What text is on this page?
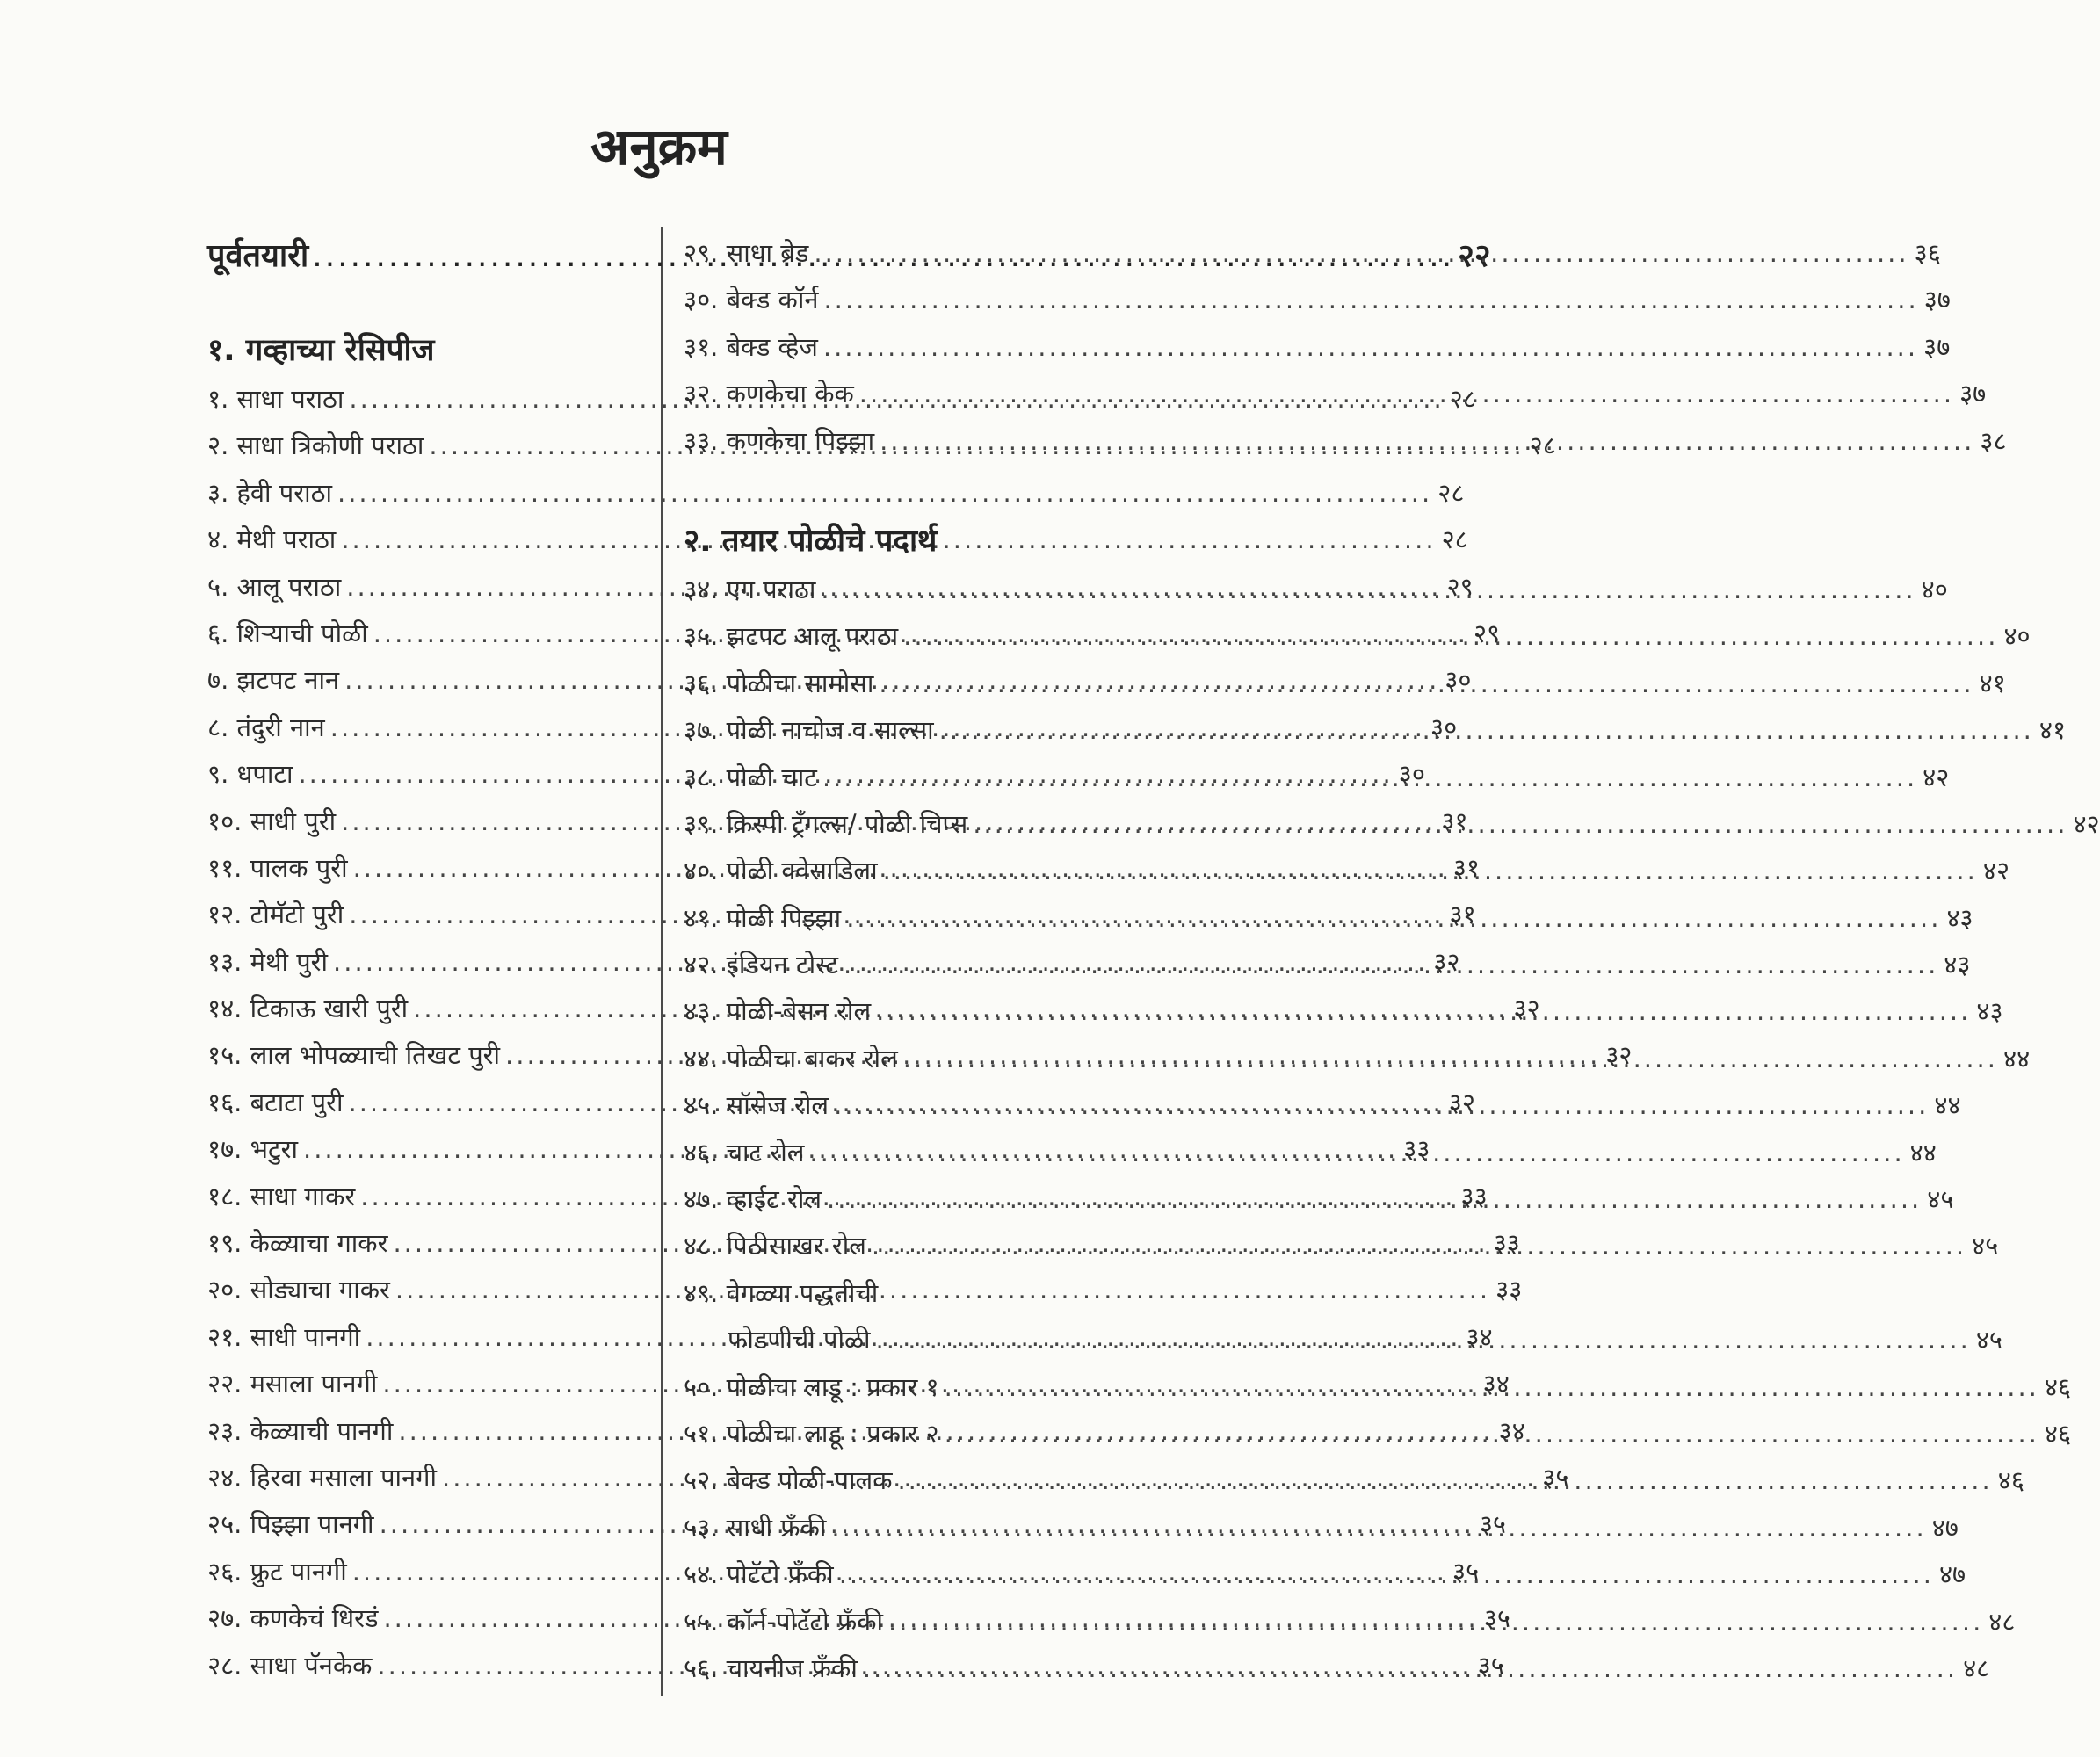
अनुक्रम
पूर्वतयारी .....	२२
१. गव्हाच्या रेसिपीज
१. साधा पराठा .....	२८
२. साधा त्रिकोणी पराठा .....	२८
३. हेवी पराठा .....	२८
४. मेथी पराठा .....	२८
५. आलू पराठा .....	२९
६. शिऱ्याची पोळी .....	२९
७. झटपट नान .....	३०
८. तंदुरी नान .....	३०
९. धपाटा .....	३०
१०. साधी पुरी .....	३१
११. पालक पुरी .....	३१
१२. टोमॅटो पुरी .....	३१
१३. मेथी पुरी .....	३२
१४. टिकाऊ खारी पुरी .....	३२
१५. लाल भोपळ्याची तिखट पुरी .....	३२
१६. बटाटा पुरी .....	३२
१७. भटुरा .....	३३
१८. साधा गाकर .....	३३
१९. केळ्याचा गाकर .....	३३
२०. सोड्याचा गाकर .....	३३
२१. साधी पानगी .....	३४
२२. मसाला पानगी .....	३४
२३. केळ्याची पानगी .....	३४
२४. हिरवा मसाला पानगी .....	३५
२५. पिझ्झा पानगी .....	३५
२६. फ्रुट पानगी .....	३५
२७. कणकेचं धिरडं .....	३५
२८. साधा पॅनकेक .....	३५
२९. साधा ब्रेड .....	३६
३०. बेक्ड कॉर्न .....	३७
३१. बेक्ड व्हेज .....	३७
३२. कणकेचा केक .....	३७
३३. कणकेचा पिझ्झा .....	३८
२. तयार पोळीचे पदार्थ
३४. एग पराठा .....	४०
३५. झटपट आलू पराठा .....	४०
३६. पोळीचा सामोसा .....	४१
३७. पोळी नाचोज व साल्सा .....	४१
३८. पोळी चाट .....	४२
३९. क्रिस्पी ट्रँगल्स/ पोळी चिप्स .....	४२
४०. पोळी क्वेसाडिला .....	४२
४१. पोळी पिझ्झा .....	४३
४२. इंडियन टोस्ट .....	४३
४३. पोळी-बेसन रोल .....	४३
४४. पोळीचा बाकर रोल .....	४४
४५. सॉसेज रोल .....	४४
४६. चाट रोल .....	४४
४७. व्हाईट रोल .....	४५
४८. पिठीसाखर रोल .....	४५
४९. वेगळ्या पद्धतीची
फोडणीची पोळी .....	४५
५०. पोळीचा लाडू : प्रकार १ .....	४६
५१. पोळीचा लाडू : प्रकार २ .....	४६
५२. बेक्ड पोळी-पालक .....	४६
५३. साधी फ्रँकी .....	४७
५४. पोटॅटो फ्रँकी .....	४७
५५. कॉर्न-पोटॅटो फ्रँकी .....	४८
५६. चायनीज फ्रँकी .....	४८
